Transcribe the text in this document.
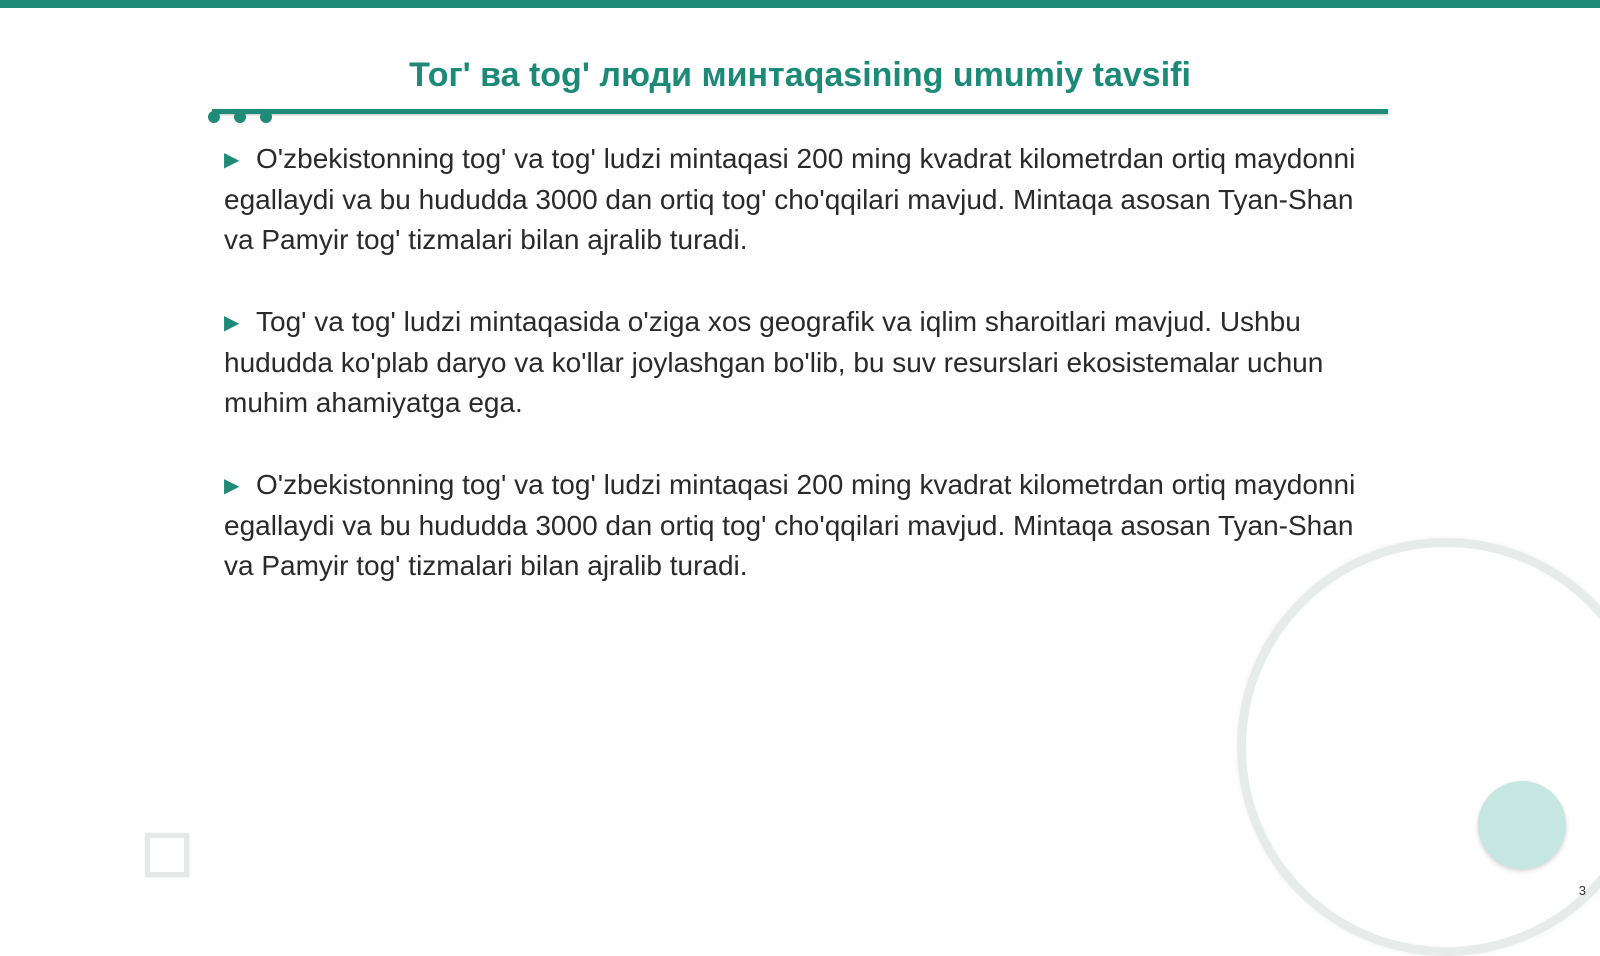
Тог' ва tog' люди минтаqasining umumiy tavsifi

▶ O'zbekistonning tog' va tog' ludzi mintaqasi 200 ming kvadrat kilometrdan ortiq maydonni egallaydi va bu hududda 3000 dan ortiq tog' cho'qqilari mavjud. Mintaqa asosan Tyan-Shan va Pamyir tog' tizmalari bilan ajralib turadi.

▶ Tog' va tog' ludzi mintaqasida o'ziga xos geografik va iqlim sharoitlari mavjud. Ushbu hududda ko'plab daryo va ko'llar joylashgan bo'lib, bu suv resurslari ekosistemalar uchun muhim ahamiyatga ega.

▶ O'zbekistonning tog' va tog' ludzi mintaqasi 200 ming kvadrat kilometrdan ortiq maydonni egallaydi va bu hududda 3000 dan ortiq tog' cho'qqilari mavjud. Mintaqa asosan Tyan-Shan va Pamyir tog' tizmalari bilan ajralib turadi.

3
